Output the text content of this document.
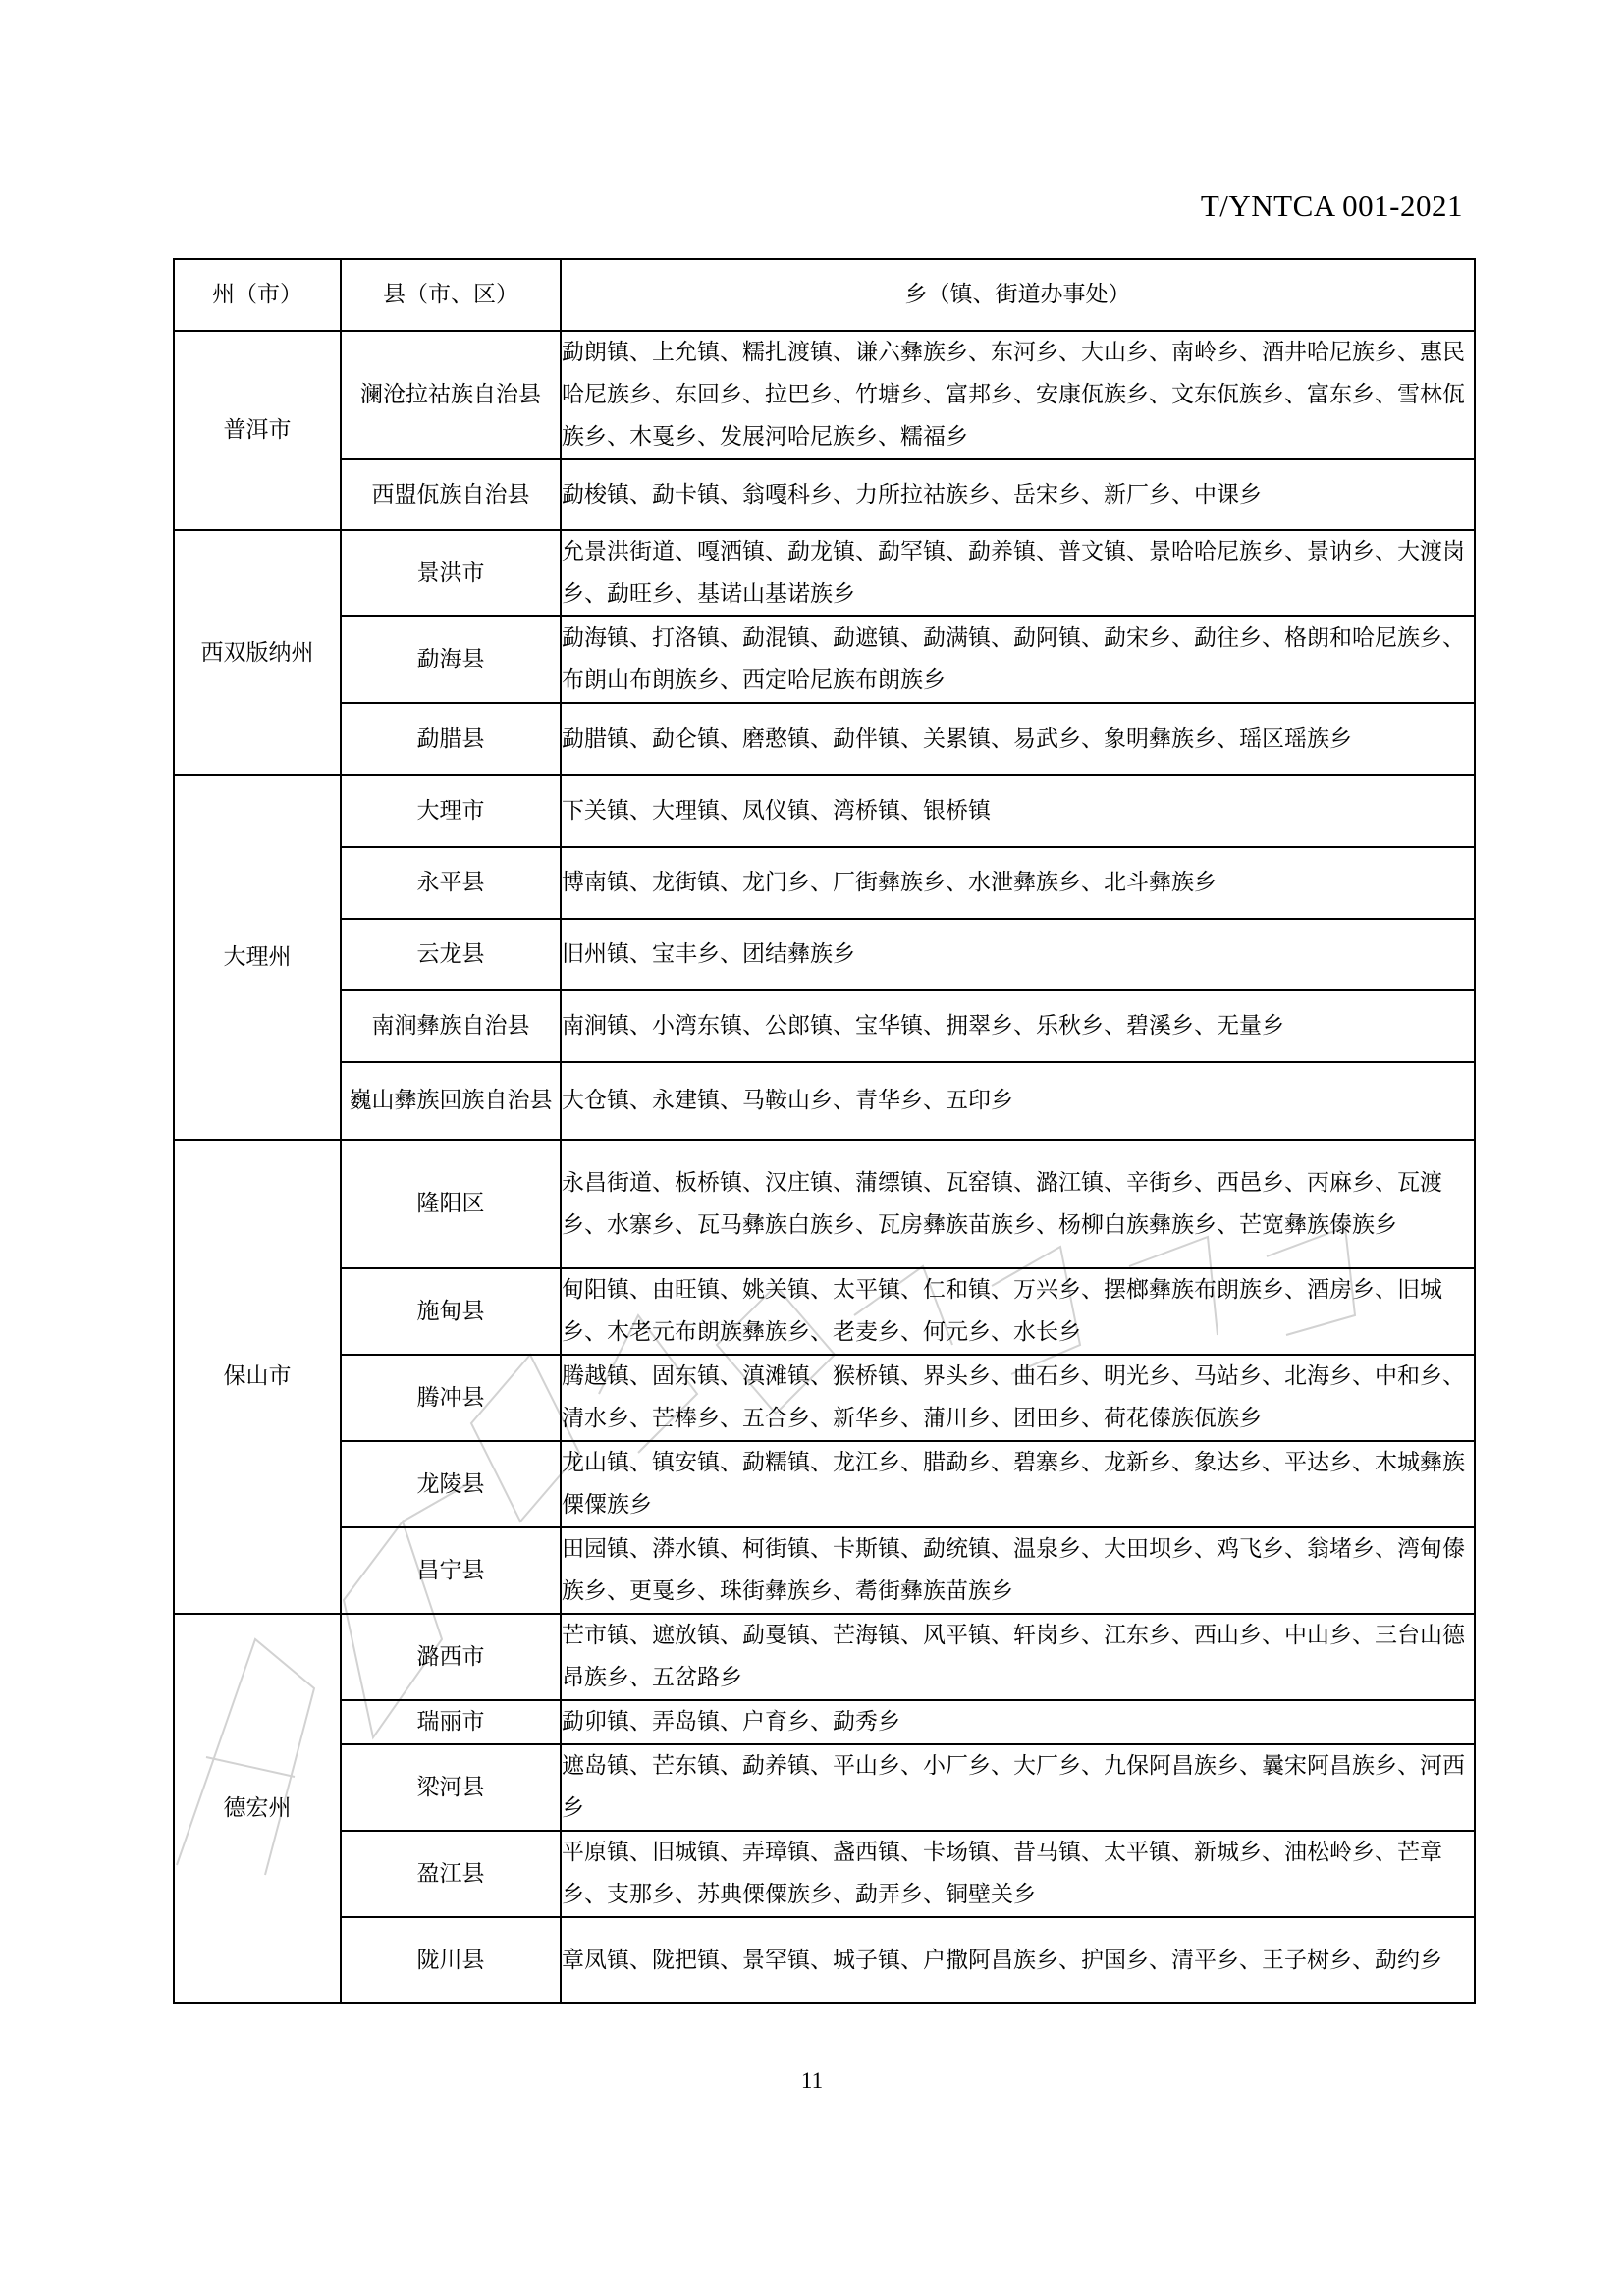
T/YNTCA 001-2021
州（市）	县（市、区）	乡（镇、街道办事处）
普洱市	澜沧拉祜族自治县	勐朗镇、上允镇、糯扎渡镇、谦六彝族乡、东河乡、大山乡、南岭乡、酒井哈尼族乡、惠民哈尼族乡、东回乡、拉巴乡、竹塘乡、富邦乡、安康佤族乡、文东佤族乡、富东乡、雪林佤族乡、木戛乡、发展河哈尼族乡、糯福乡
	西盟佤族自治县	勐梭镇、勐卡镇、翁嘎科乡、力所拉祜族乡、岳宋乡、新厂乡、中课乡
西双版纳州	景洪市	允景洪街道、嘎洒镇、勐龙镇、勐罕镇、勐养镇、普文镇、景哈哈尼族乡、景讷乡、大渡岗乡、勐旺乡、基诺山基诺族乡
	勐海县	勐海镇、打洛镇、勐混镇、勐遮镇、勐满镇、勐阿镇、勐宋乡、勐往乡、格朗和哈尼族乡、布朗山布朗族乡、西定哈尼族布朗族乡
	勐腊县	勐腊镇、勐仑镇、磨憨镇、勐伴镇、关累镇、易武乡、象明彝族乡、瑶区瑶族乡
大理州	大理市	下关镇、大理镇、凤仪镇、湾桥镇、银桥镇
	永平县	博南镇、龙街镇、龙门乡、厂街彝族乡、水泄彝族乡、北斗彝族乡
	云龙县	旧州镇、宝丰乡、团结彝族乡
	南涧彝族自治县	南涧镇、小湾东镇、公郎镇、宝华镇、拥翠乡、乐秋乡、碧溪乡、无量乡
	巍山彝族回族自治县	大仓镇、永建镇、马鞍山乡、青华乡、五印乡
保山市	隆阳区	永昌街道、板桥镇、汉庄镇、蒲缥镇、瓦窑镇、潞江镇、辛街乡、西邑乡、丙麻乡、瓦渡乡、水寨乡、瓦马彝族白族乡、瓦房彝族苗族乡、杨柳白族彝族乡、芒宽彝族傣族乡
	施甸县	甸阳镇、由旺镇、姚关镇、太平镇、仁和镇、万兴乡、摆榔彝族布朗族乡、酒房乡、旧城乡、木老元布朗族彝族乡、老麦乡、何元乡、水长乡
	腾冲县	腾越镇、固东镇、滇滩镇、猴桥镇、界头乡、曲石乡、明光乡、马站乡、北海乡、中和乡、清水乡、芒棒乡、五合乡、新华乡、蒲川乡、团田乡、荷花傣族佤族乡
	龙陵县	龙山镇、镇安镇、勐糯镇、龙江乡、腊勐乡、碧寨乡、龙新乡、象达乡、平达乡、木城彝族傈僳族乡
	昌宁县	田园镇、漭水镇、柯街镇、卡斯镇、勐统镇、温泉乡、大田坝乡、鸡飞乡、翁堵乡、湾甸傣族乡、更戛乡、珠街彝族乡、耈街彝族苗族乡
德宏州	潞西市	芒市镇、遮放镇、勐戛镇、芒海镇、风平镇、轩岗乡、江东乡、西山乡、中山乡、三台山德昂族乡、五岔路乡
	瑞丽市	勐卯镇、弄岛镇、户育乡、勐秀乡
	梁河县	遮岛镇、芒东镇、勐养镇、平山乡、小厂乡、大厂乡、九保阿昌族乡、曩宋阿昌族乡、河西乡
	盈江县	平原镇、旧城镇、弄璋镇、盏西镇、卡场镇、昔马镇、太平镇、新城乡、油松岭乡、芒章乡、支那乡、苏典傈僳族乡、勐弄乡、铜壁关乡
	陇川县	章凤镇、陇把镇、景罕镇、城子镇、户撒阿昌族乡、护国乡、清平乡、王子树乡、勐约乡
11
